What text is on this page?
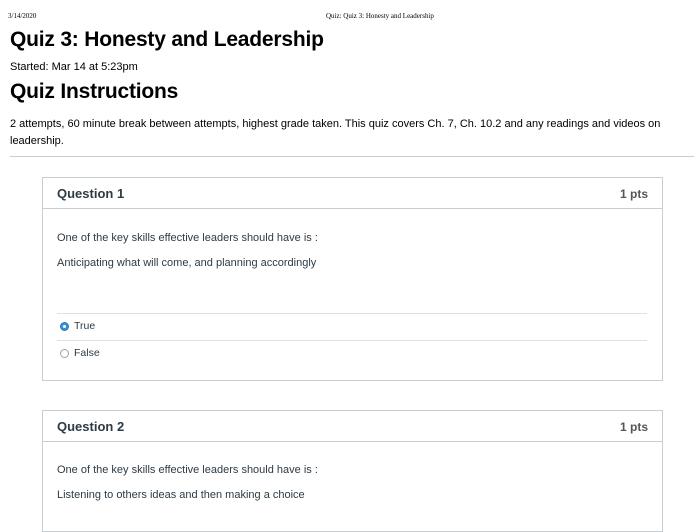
3/14/2020	Quiz: Quiz 3: Honesty and Leadership
Quiz 3: Honesty and Leadership
Started: Mar 14 at 5:23pm
Quiz Instructions
2 attempts, 60 minute break between attempts, highest grade taken. This quiz covers Ch. 7, Ch. 10.2 and any readings and videos on leadership.
Question 1	1 pts
One of the key skills effective leaders should have is :
Anticipating what will come, and planning accordingly
True
False
Question 2	1 pts
One of the key skills effective leaders should have is :
Listening to others ideas and then making a choice
